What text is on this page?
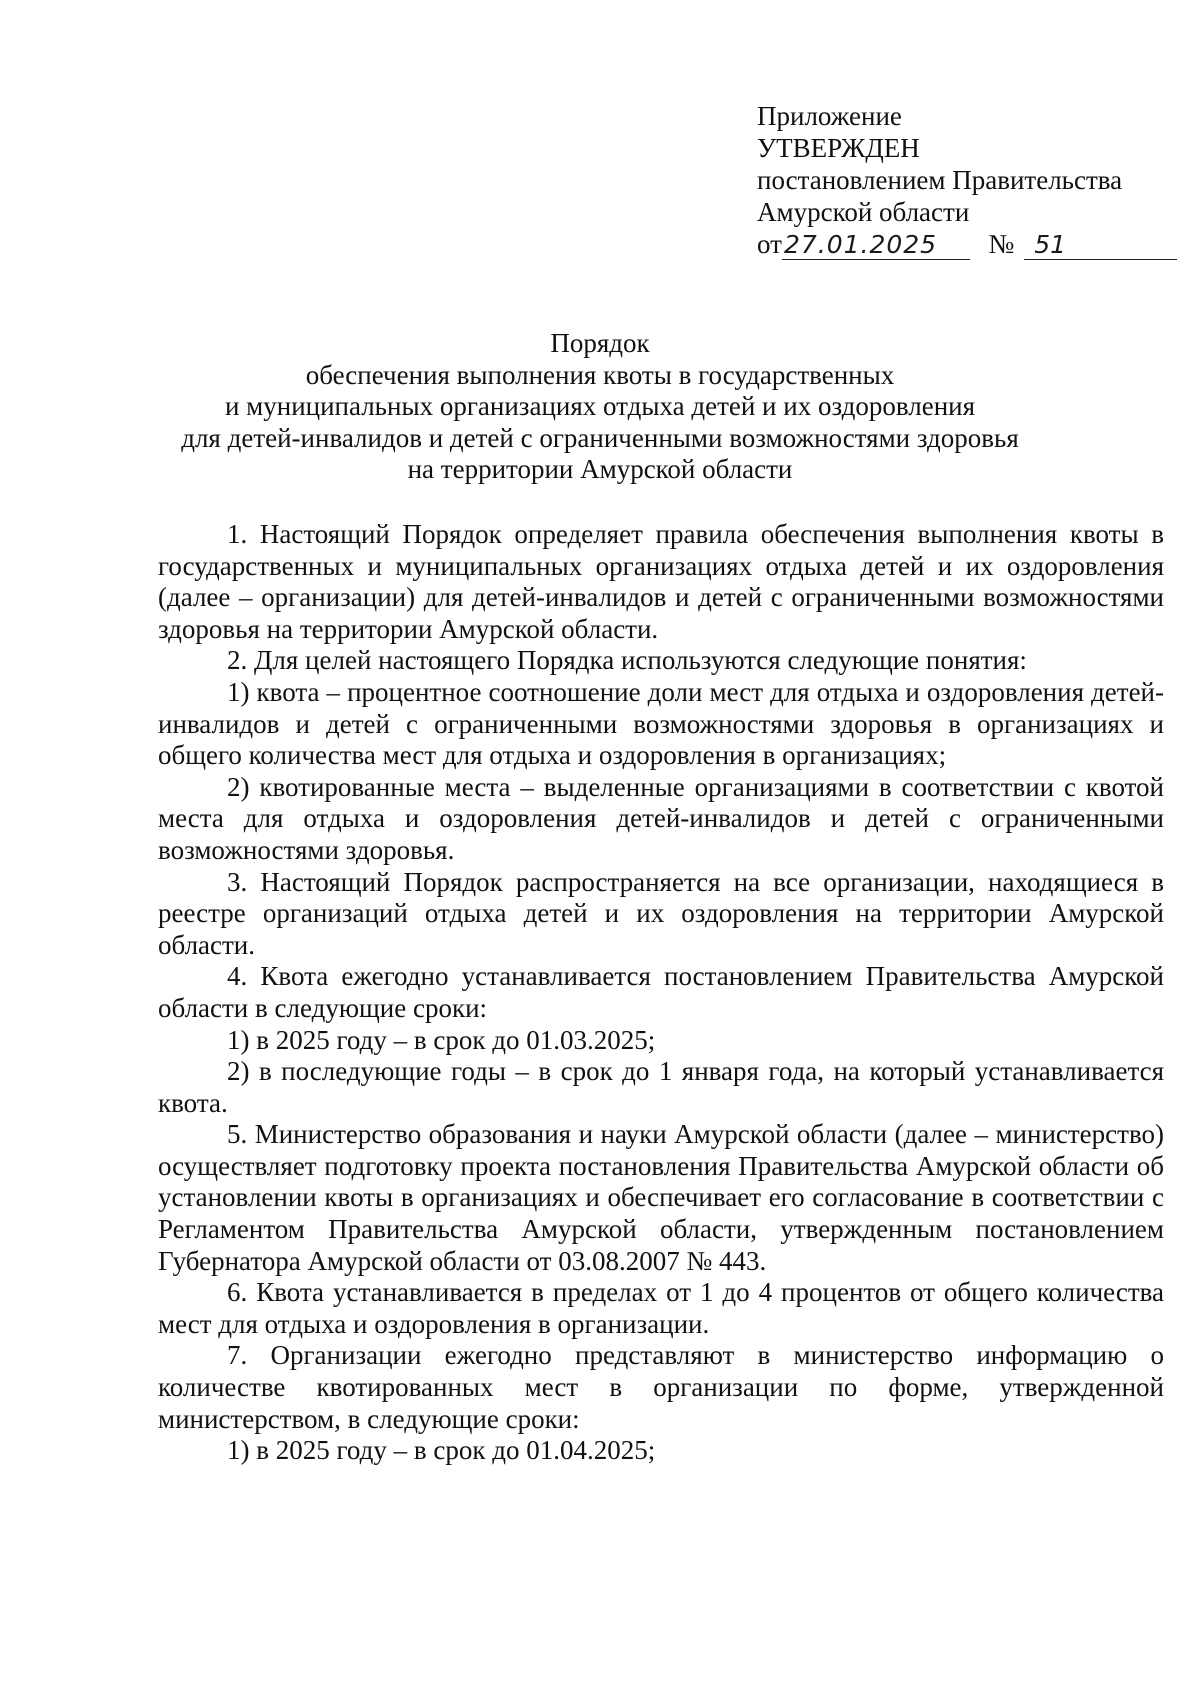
Приложение
УТВЕРЖДЕН
постановлением Правительства
Амурской области
от 27.01.2025	№ 51
Порядок
обеспечения выполнения квоты в государственных
и муниципальных организациях отдыха детей и их оздоровления
для детей-инвалидов и детей с ограниченными возможностями здоровья
на территории Амурской области

1. Настоящий Порядок определяет правила обеспечения выполнения квоты в государственных и муниципальных организациях отдыха детей и их оздоровления (далее – организации) для детей-инвалидов и детей с ограниченными возможностями здоровья на территории Амурской области.

2. Для целей настоящего Порядка используются следующие понятия:

1) квота – процентное соотношение доли мест для отдыха и оздоровления детей-инвалидов и детей с ограниченными возможностями здоровья в организациях и общего количества мест для отдыха и оздоровления в организациях;

2) квотированные места – выделенные организациями в соответствии с квотой места для отдыха и оздоровления детей-инвалидов и детей с ограниченными возможностями здоровья.

3. Настоящий Порядок распространяется на все организации, находящиеся в реестре организаций отдыха детей и их оздоровления на территории Амурской области.

4. Квота ежегодно устанавливается постановлением Правительства Амурской области в следующие сроки:

1) в 2025 году – в срок до 01.03.2025;

2) в последующие годы – в срок до 1 января года, на который устанавливается квота.

5. Министерство образования и науки Амурской области (далее – министерство) осуществляет подготовку проекта постановления Правительства Амурской области об установлении квоты в организациях и обеспечивает его согласование в соответствии с Регламентом Правительства Амурской области, утвержденным постановлением Губернатора Амурской области от 03.08.2007 № 443.

6. Квота устанавливается в пределах от 1 до 4 процентов от общего количества мест для отдыха и оздоровления в организации.

7. Организации ежегодно представляют в министерство информацию о количестве квотированных мест в организации по форме, утвержденной министерством, в следующие сроки:

1) в 2025 году – в срок до 01.04.2025;
